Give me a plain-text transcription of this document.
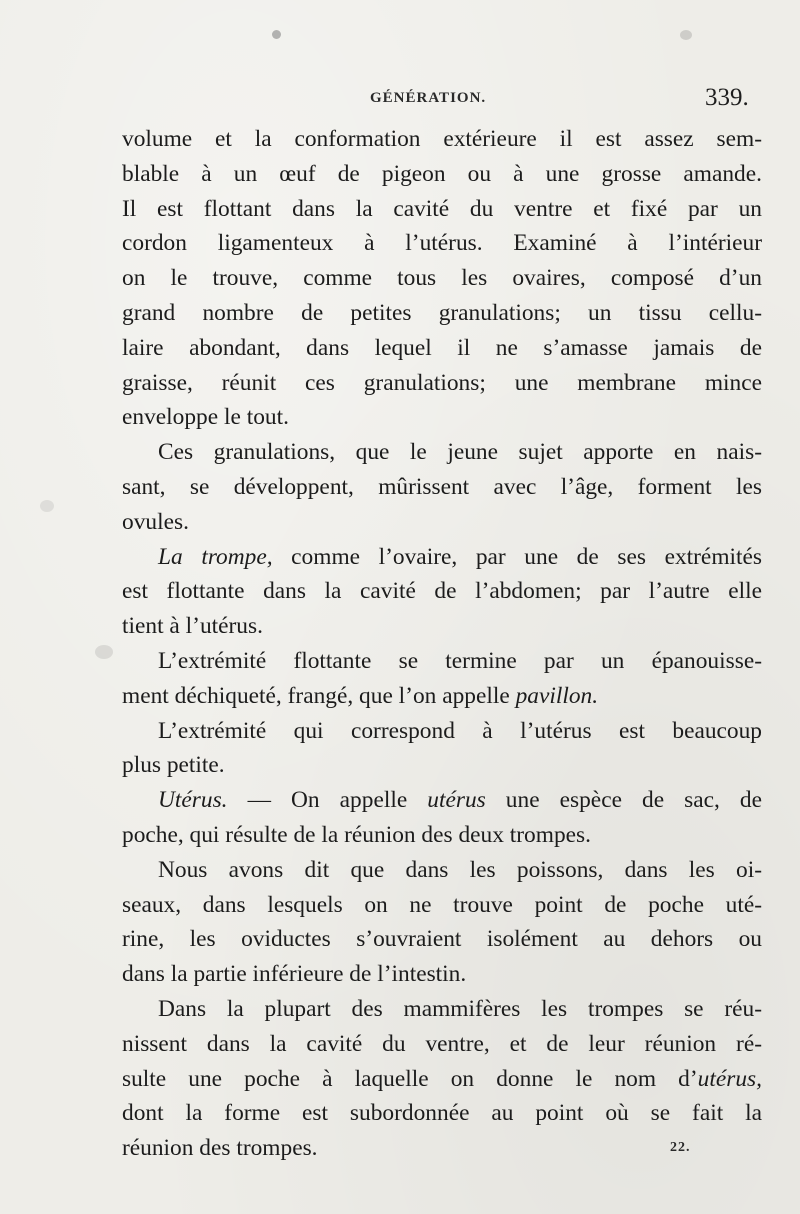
GÉNÉRATION.	339.
volume et la conformation extérieure il est assez sem-
blable à un œuf de pigeon ou à une grosse amande.
Il est flottant dans la cavité du ventre et fixé par un
cordon ligamenteux à l’utérus. Examiné à l’intérieur
on le trouve, comme tous les ovaires, composé d’un
grand nombre de petites granulations; un tissu cellu-
laire abondant, dans lequel il ne s’amasse jamais de
graisse, réunit ces granulations; une membrane mince
enveloppe le tout.
Ces granulations, que le jeune sujet apporte en nais-
sant, se développent, mûrissent avec l’âge, forment les
ovules.
La trompe, comme l’ovaire, par une de ses extrémités
est flottante dans la cavité de l’abdomen; par l’autre elle
tient à l’utérus.
L’extrémité flottante se termine par un épanouisse-
ment déchiqueté, frangé, que l’on appelle pavillon.
L’extrémité qui correspond à l’utérus est beaucoup
plus petite.
Utérus. — On appelle utérus une espèce de sac, de
poche, qui résulte de la réunion des deux trompes.
Nous avons dit que dans les poissons, dans les oi-
seaux, dans lesquels on ne trouve point de poche uté-
rine, les oviductes s’ouvraient isolément au dehors ou
dans la partie inférieure de l’intestin.
Dans la plupart des mammifères les trompes se réu-
nissent dans la cavité du ventre, et de leur réunion ré-
sulte une poche à laquelle on donne le nom d’utérus,
dont la forme est subordonnée au point où se fait la
réunion des trompes.	22.
